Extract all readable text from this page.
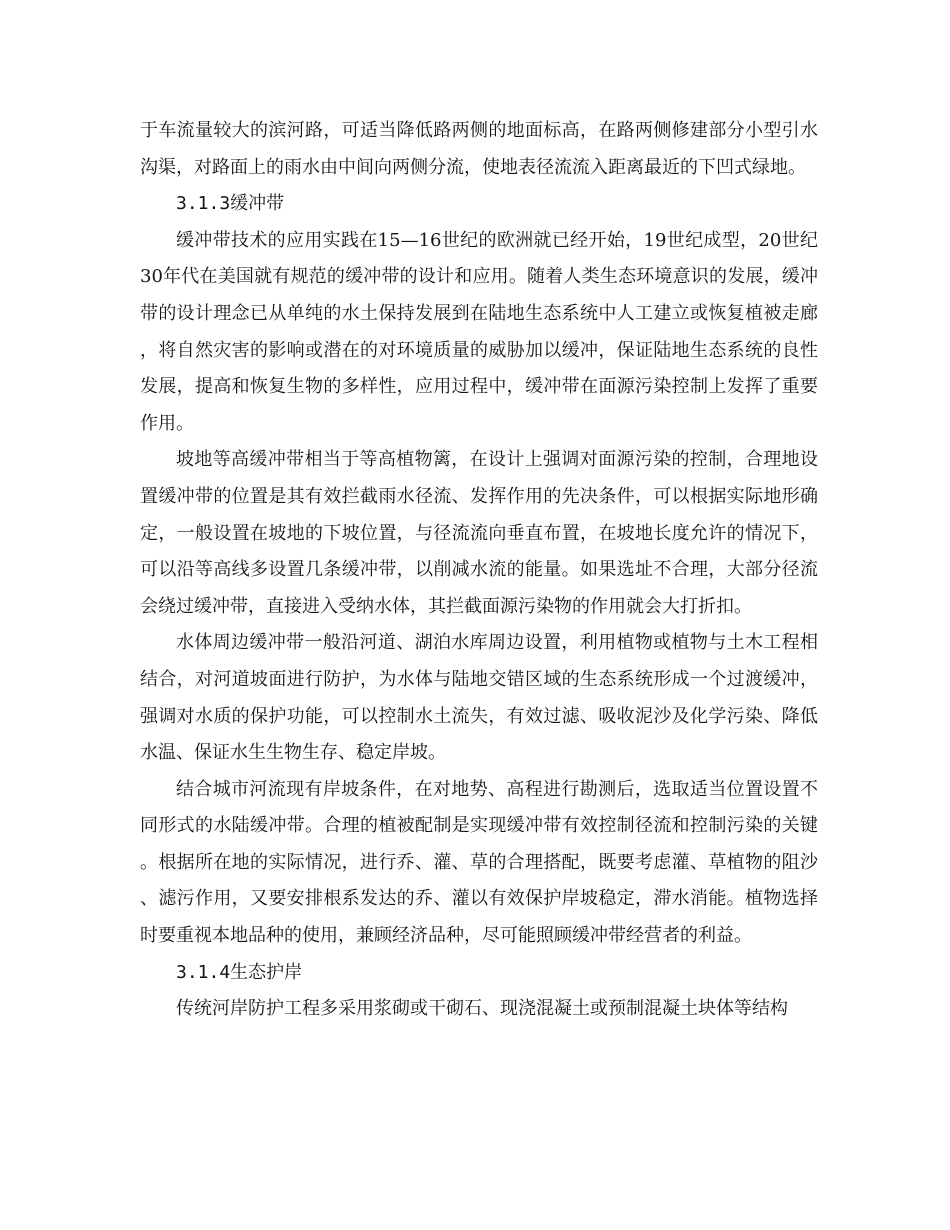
于车流量较大的滨河路，可适当降低路两侧的地面标高，在路两侧修建部分小型引水沟渠，对路面上的雨水由中间向两侧分流，使地表径流流入距离最近的下凹式绿地。

3.1.3缓冲带

缓冲带技术的应用实践在15—16世纪的欧洲就已经开始，19世纪成型，20世纪30年代在美国就有规范的缓冲带的设计和应用。随着人类生态环境意识的发展，缓冲带的设计理念已从单纯的水土保持发展到在陆地生态系统中人工建立或恢复植被走廊，将自然灾害的影响或潜在的对环境质量的威胁加以缓冲，保证陆地生态系统的良性发展，提高和恢复生物的多样性，应用过程中，缓冲带在面源污染控制上发挥了重要作用。

坡地等高缓冲带相当于等高植物篱，在设计上强调对面源污染的控制，合理地设置缓冲带的位置是其有效拦截雨水径流、发挥作用的先决条件，可以根据实际地形确定，一般设置在坡地的下坡位置，与径流流向垂直布置，在坡地长度允许的情况下，可以沿等高线多设置几条缓冲带，以削减水流的能量。如果选址不合理，大部分径流会绕过缓冲带，直接进入受纳水体，其拦截面源污染物的作用就会大打折扣。

水体周边缓冲带一般沿河道、湖泊水库周边设置，利用植物或植物与土木工程相结合，对河道坡面进行防护，为水体与陆地交错区域的生态系统形成一个过渡缓冲，强调对水质的保护功能，可以控制水土流失，有效过滤、吸收泥沙及化学污染、降低水温、保证水生生物生存、稳定岸坡。

结合城市河流现有岸坡条件，在对地势、高程进行勘测后，选取适当位置设置不同形式的水陆缓冲带。合理的植被配制是实现缓冲带有效控制径流和控制污染的关键。根据所在地的实际情况，进行乔、灌、草的合理搭配，既要考虑灌、草植物的阻沙、滤污作用，又要安排根系发达的乔、灌以有效保护岸坡稳定，滞水消能。植物选择时要重视本地品种的使用，兼顾经济品种，尽可能照顾缓冲带经营者的利益。

3.1.4生态护岸

传统河岸防护工程多采用浆砌或干砌石、现浇混凝土或预制混凝土块体等结构
